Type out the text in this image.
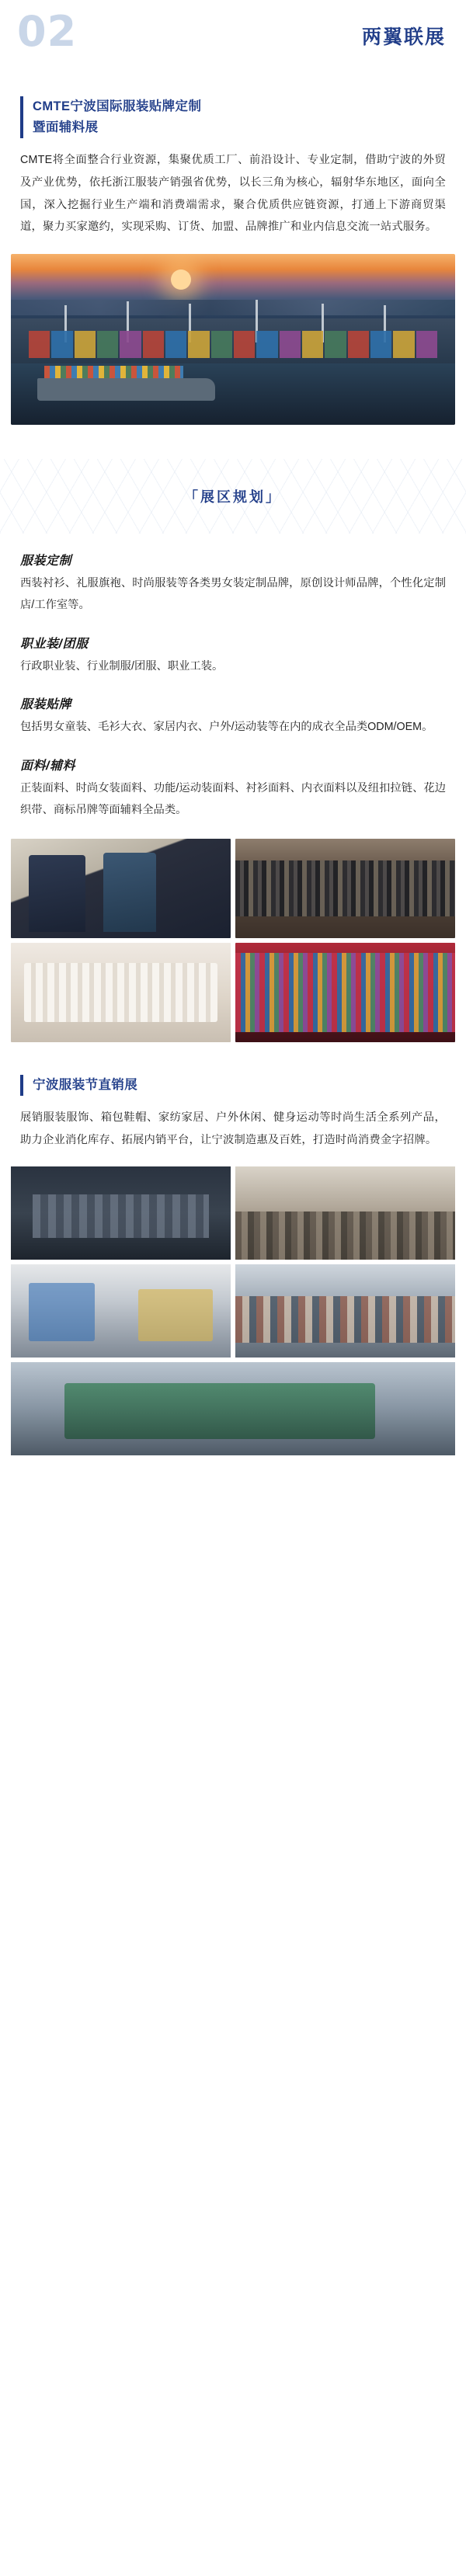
02	两翼联展
CMTE宁波国际服装贴牌定制
暨面辅料展

CMTE将全面整合行业资源，集聚优质工厂、前沿设计、专业定制，借助宁波的外贸及产业优势，依托浙江服装产销强省优势，以长三角为核心，辐射华东地区，面向全国，深入挖掘行业生产端和消费端需求，聚合优质供应链资源，打通上下游商贸渠道，聚力买家邀约，实现采购、订货、加盟、品牌推广和业内信息交流一站式服务。

「展区规划」
服装定制

西装衬衫、礼服旗袍、时尚服装等各类男女装定制品牌，原创设计师品牌，个性化定制店/工作室等。

职业装/团服

行政职业装、行业制服/团服、职业工装。

服装贴牌

包括男女童装、毛衫大衣、家居内衣、户外/运动装等在内的成衣全品类ODM/OEM。

面料/辅料

正装面料、时尚女装面料、功能/运动装面料、衬衫面料、内衣面料以及纽扣拉链、花边织带、商标吊牌等面辅料全品类。

宁波服装节直销展

展销服装服饰、箱包鞋帽、家纺家居、户外休闲、健身运动等时尚生活全系列产品，助力企业消化库存、拓展内销平台，让宁波制造惠及百姓，打造时尚消费金字招牌。
